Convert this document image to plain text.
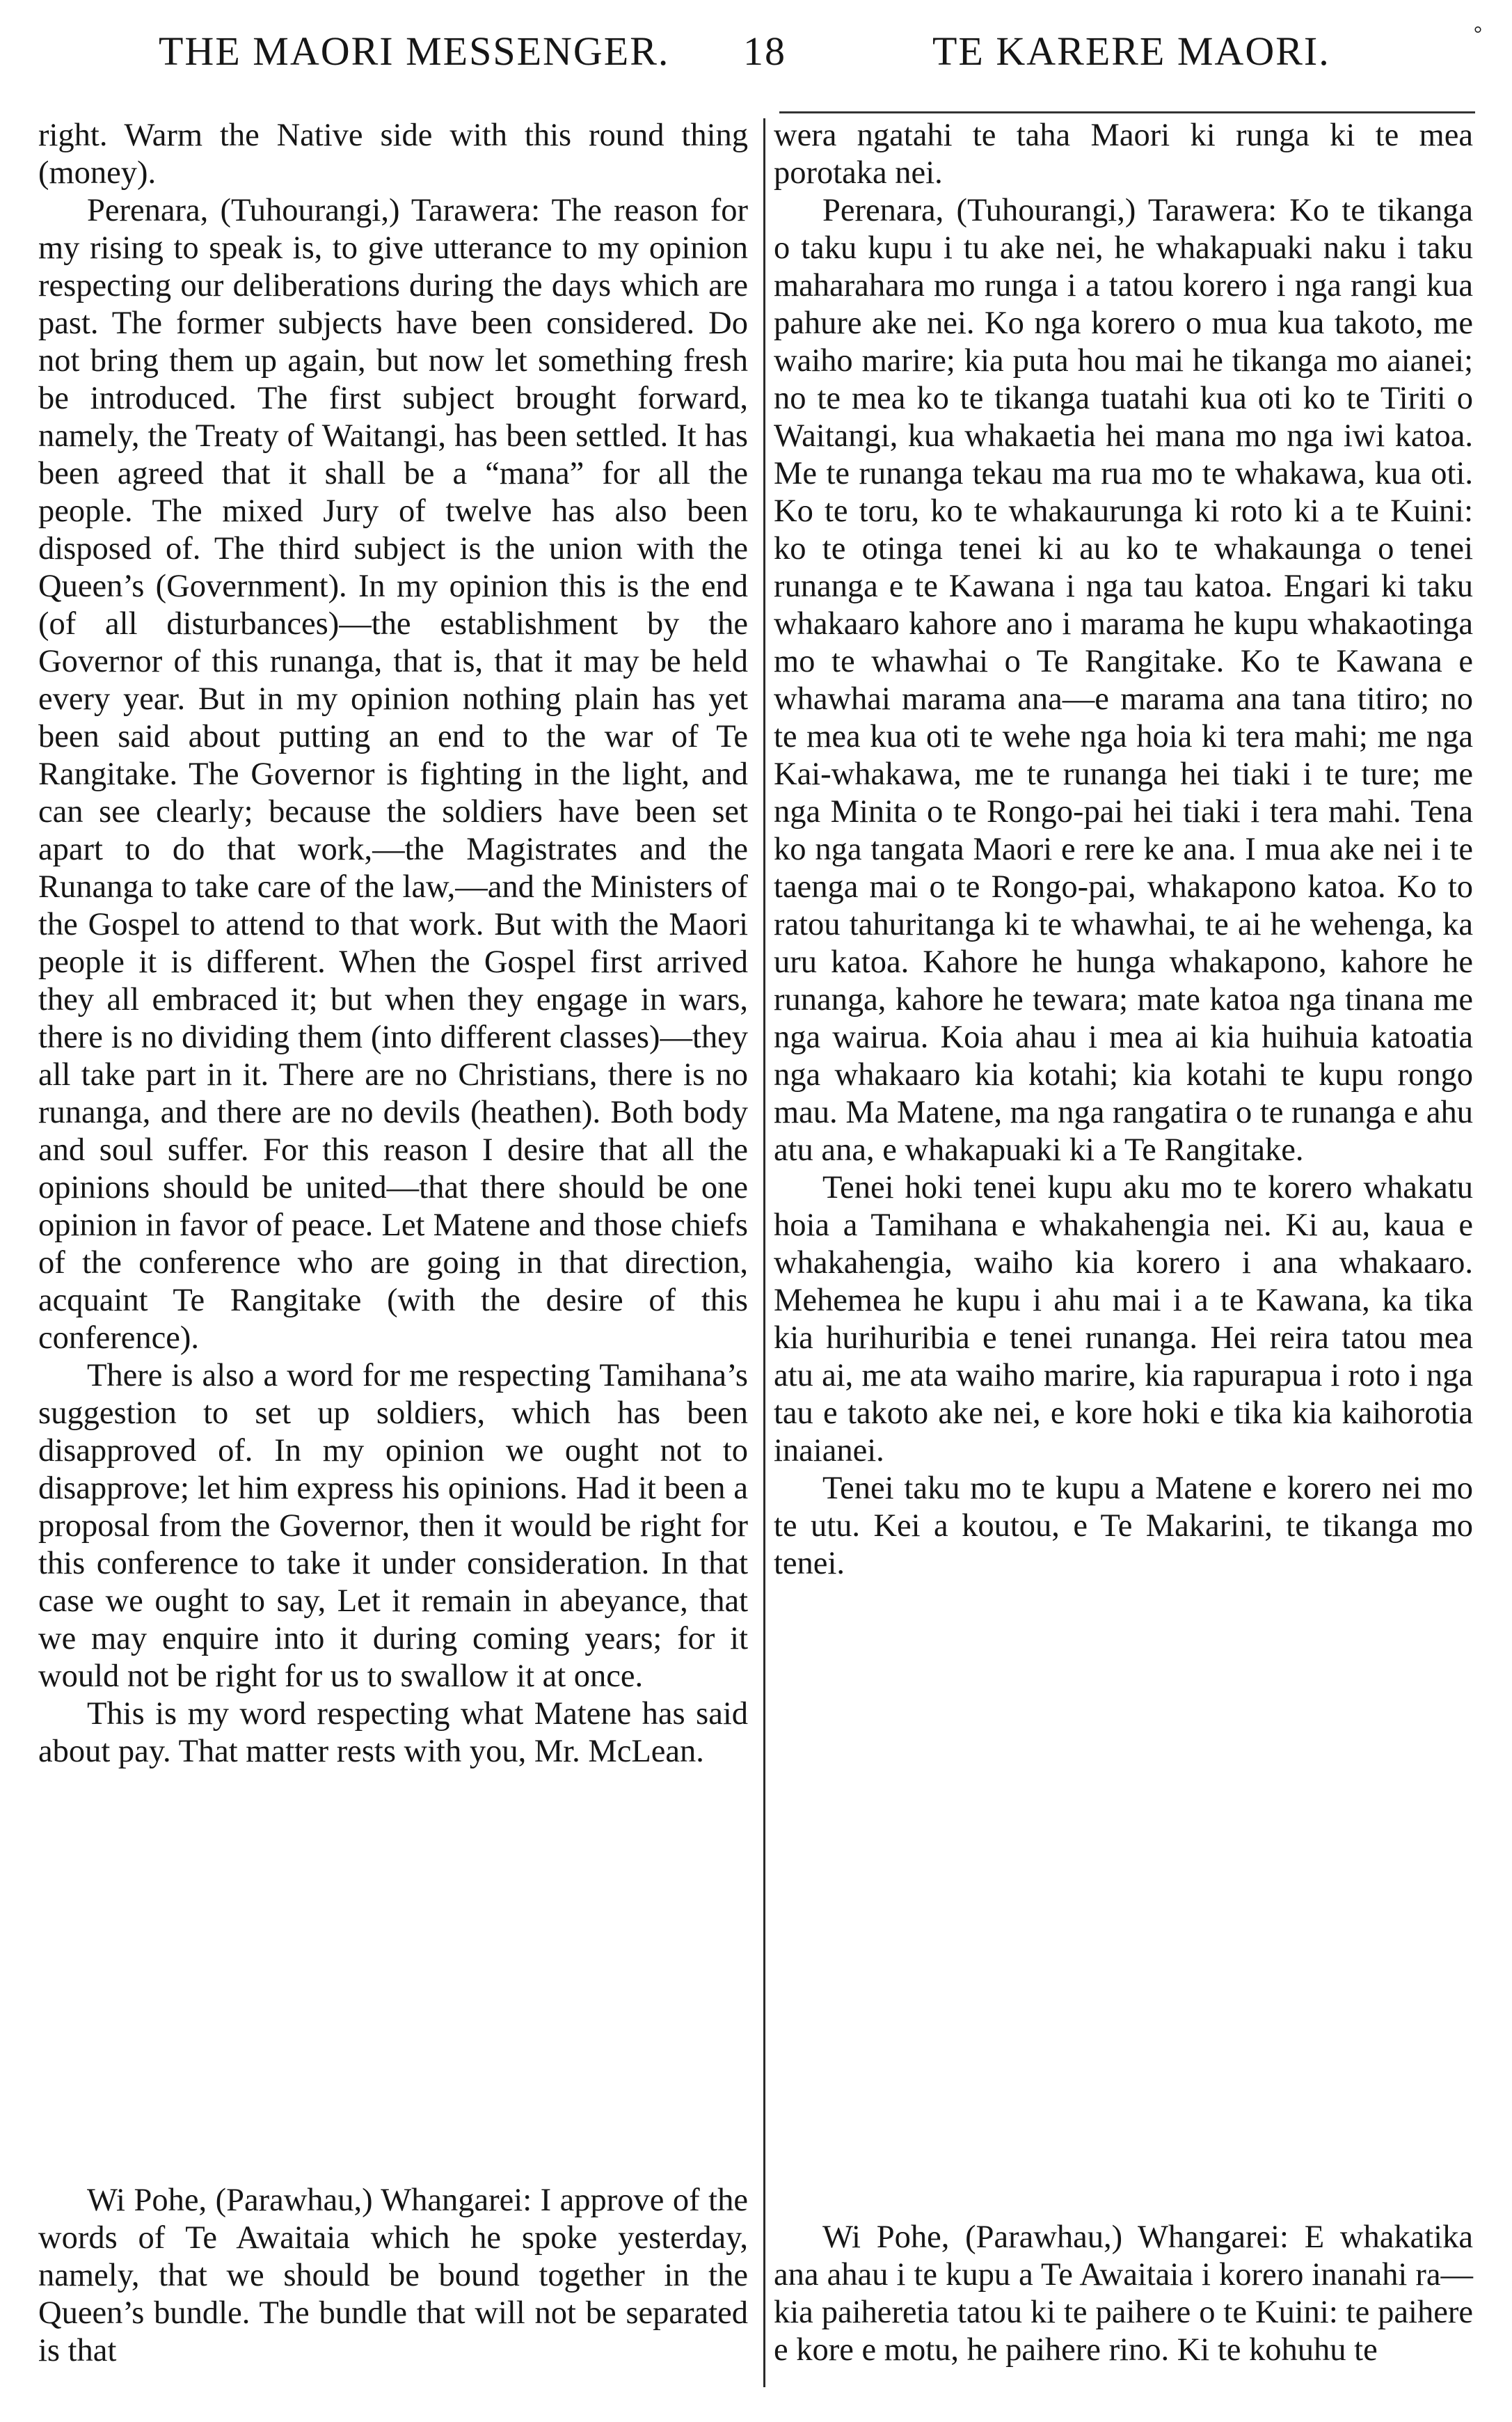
THE MAORI MESSENGER. 18	TE KARERE MAORI.	°

right. Warm the Native side with this round thing (money).

Perenara, (Tuhourangi,) Tarawera: The reason for my rising to speak is, to give utterance to my opinion respecting our deliberations during the days which are past. The former subjects have been considered. Do not bring them up again, but now let something fresh be introduced. The first subject brought forward, namely, the Treaty of Waitangi, has been settled. It has been agreed that it shall be a “mana” for all the people. The mixed Jury of twelve has also been disposed of. The third subject is the union with the Queen’s (Government). In my opinion this is the end (of all disturbances)—the establishment by the Governor of this runanga, that is, that it may be held every year. But in my opinion nothing plain has yet been said about putting an end to the war of Te Rangitake. The Governor is fighting in the light, and can see clearly; because the soldiers have been set apart to do that work,—the Magistrates and the Runanga to take care of the law,—and the Ministers of the Gospel to attend to that work. But with the Maori people it is different. When the Gospel first arrived they all embraced it; but when they engage in wars, there is no dividing them (into different classes)—they all take part in it. There are no Christians, there is no runanga, and there are no devils (heathen). Both body and soul suffer. For this reason I desire that all the opinions should be united—that there should be one opinion in favor of peace. Let Matene and those chiefs of the conference who are going in that direction, acquaint Te Rangitake (with the desire of this conference).

There is also a word for me respecting Tamihana’s suggestion to set up soldiers, which has been disapproved of. In my opinion we ought not to disapprove; let him express his opinions. Had it been a proposal from the Governor, then it would be right for this conference to take it under consideration. In that case we ought to say, Let it remain in abeyance, that we may enquire into it during coming years; for it would not be right for us to swallow it at once.

This is my word respecting what Matene has said about pay. That matter rests with you, Mr. McLean.

Wi Pohe, (Parawhau,) Whangarei: I approve of the words of Te Awaitaia which he spoke yesterday, namely, that we should be bound together in the Queen’s bundle. The bundle that will not be separated is that

wera ngatahi te taha Maori ki runga ki te mea porotaka nei.

Perenara, (Tuhourangi,) Tarawera: Ko te tikanga o taku kupu i tu ake nei, he whakapuaki naku i taku maharahara mo runga i a tatou korero i nga rangi kua pahure ake nei. Ko nga korero o mua kua takoto, me waiho marire; kia puta hou mai he tikanga mo aianei; no te mea ko te tikanga tuatahi kua oti ko te Tiriti o Waitangi, kua whakaetia hei mana mo nga iwi katoa. Me te runanga tekau ma rua mo te whakawa, kua oti. Ko te toru, ko te whakaurunga ki roto ki a te Kuini: ko te otinga tenei ki au ko te whakaunga o tenei runanga e te Kawana i nga tau katoa. Engari ki taku whakaaro kahore ano i marama he kupu whakaotinga mo te whawhai o Te Rangitake. Ko te Kawana e whawhai marama ana—e marama ana tana titiro; no te mea kua oti te wehe nga hoia ki tera mahi; me nga Kai-whakawa, me te runanga hei tiaki i te ture; me nga Minita o te Rongo-pai hei tiaki i tera mahi. Tena ko nga tangata Maori e rere ke ana. I mua ake nei i te taenga mai o te Rongo-pai, whakapono katoa. Ko to ratou tahuritanga ki te whawhai, te ai he wehenga, ka uru katoa. Kahore he hunga whakapono, kahore he runanga, kahore he tewara; mate katoa nga tinana me nga wairua. Koia ahau i mea ai kia huihuia katoatia nga whakaaro kia kotahi; kia kotahi te kupu rongo mau. Ma Matene, ma nga rangatira o te runanga e ahu atu ana, e whakapuaki ki a Te Rangitake.

Tenei hoki tenei kupu aku mo te korero whakatu hoia a Tamihana e whakahengia nei. Ki au, kaua e whakahengia, waiho kia korero i ana whakaaro. Mehemea he kupu i ahu mai i a te Kawana, ka tika kia hurihuribia e tenei runanga. Hei reira tatou mea atu ai, me ata waiho marire, kia rapurapua i roto i nga tau e takoto ake nei, e kore hoki e tika kia kaihorotia inaianei.

Tenei taku mo te kupu a Matene e korero nei mo te utu. Kei a koutou, e Te Makarini, te tikanga mo tenei.

Wi Pohe, (Parawhau,) Whangarei: E whakatika ana ahau i te kupu a Te Awaitaia i korero inanahi ra—kia paiheretia tatou ki te paihere o te Kuini: te paihere e kore e motu, he paihere rino. Ki te kohuhu te
